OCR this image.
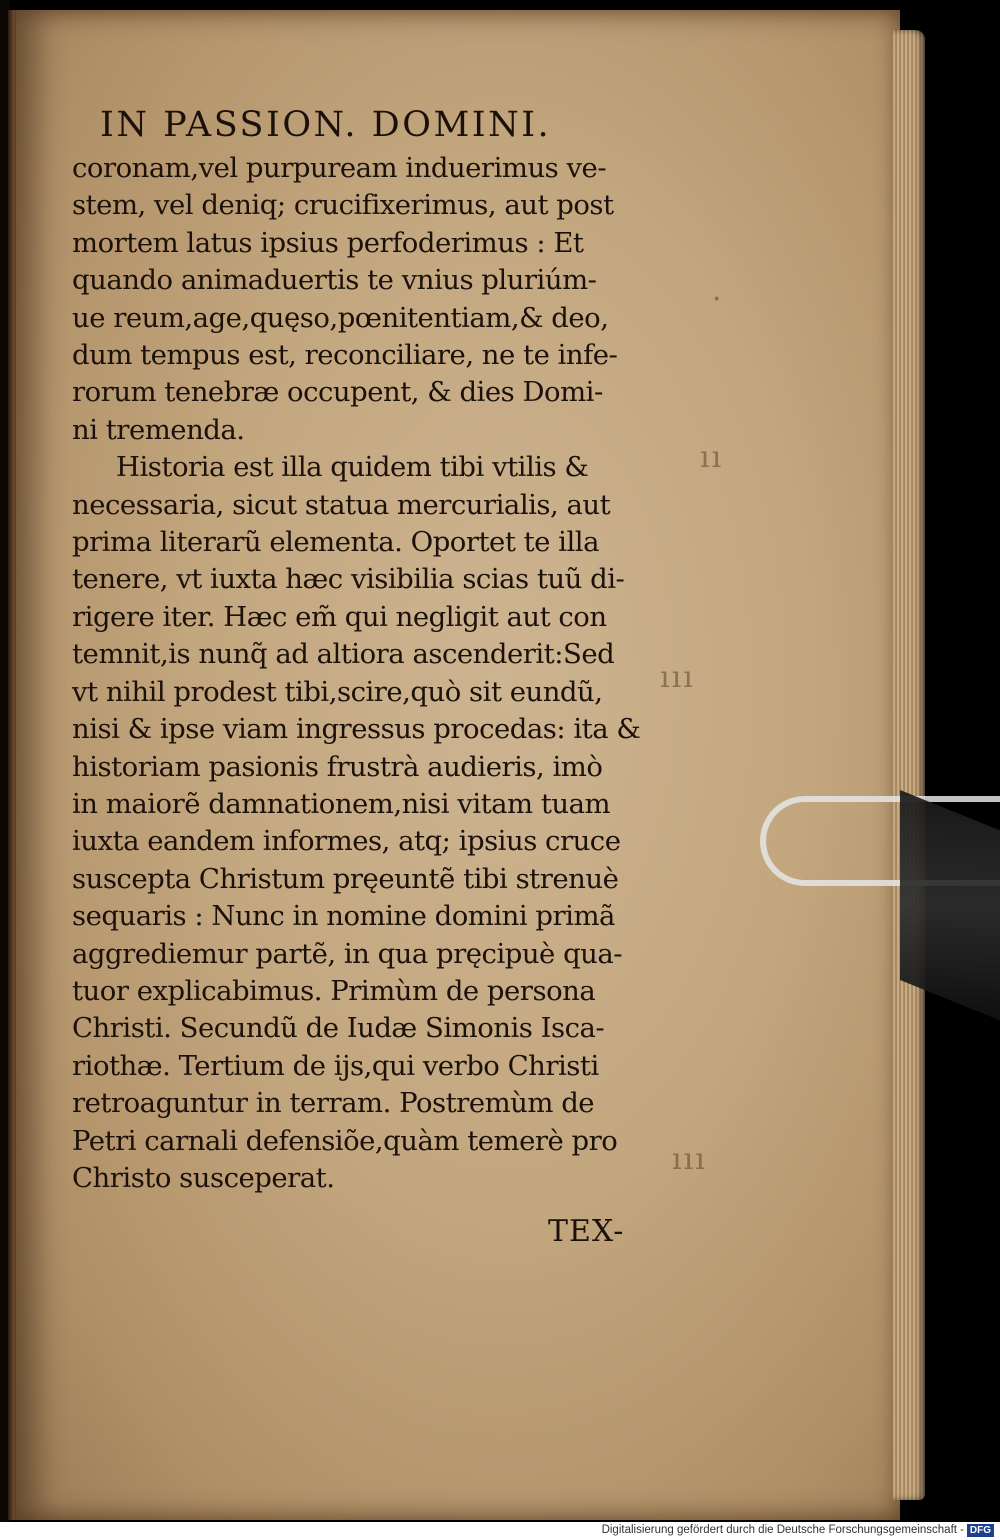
·
ıı
ııı
ııı
IN PASSION. DOMINI.
coronam,vel purpuream induerimus ve-
stem, vel deniq; crucifixerimus, aut post
mortem latus ipsius perfoderimus : Et
quando animaduertis te vnius pluriúm-
ue reum,age,quęso,pœnitentiam,& deo,
dum tempus est, reconciliare, ne te infe-
rorum tenebræ occupent, & dies Domi-
ni tremenda.
Historia est illa quidem tibi vtilis &
necessaria, sicut statua mercurialis, aut
prima literarũ elementa. Oportet te illa
tenere, vt iuxta hæc visibilia scias tuũ di-
rigere iter. Hæc em̃ qui negligit aut con
temnit,is nunq̃ ad altiora ascenderit:Sed
vt nihil prodest tibi,scire,quò sit eundũ,
nisi & ipse viam ingressus procedas: ita &
historiam pasionis frustrà audieris, imò
in maiorẽ damnationem,nisi vitam tuam
iuxta eandem informes, atq; ipsius cruce
suscepta Christum pręeuntẽ tibi strenuè
sequaris : Nunc in nomine domini primã
aggrediemur partẽ, in qua pręcipuè qua-
tuor explicabimus. Primùm de persona
Christi. Secundũ de Iudæ Simonis Isca-
riothæ. Tertium de ijs,qui verbo Christi
retroaguntur in terram. Postremùm de
Petri carnali defensiõe,quàm temerè pro
Christo susceperat.
TEX-
Digitalisierung gefördert durch die Deutsche Forschungsgemeinschaft - DFG
